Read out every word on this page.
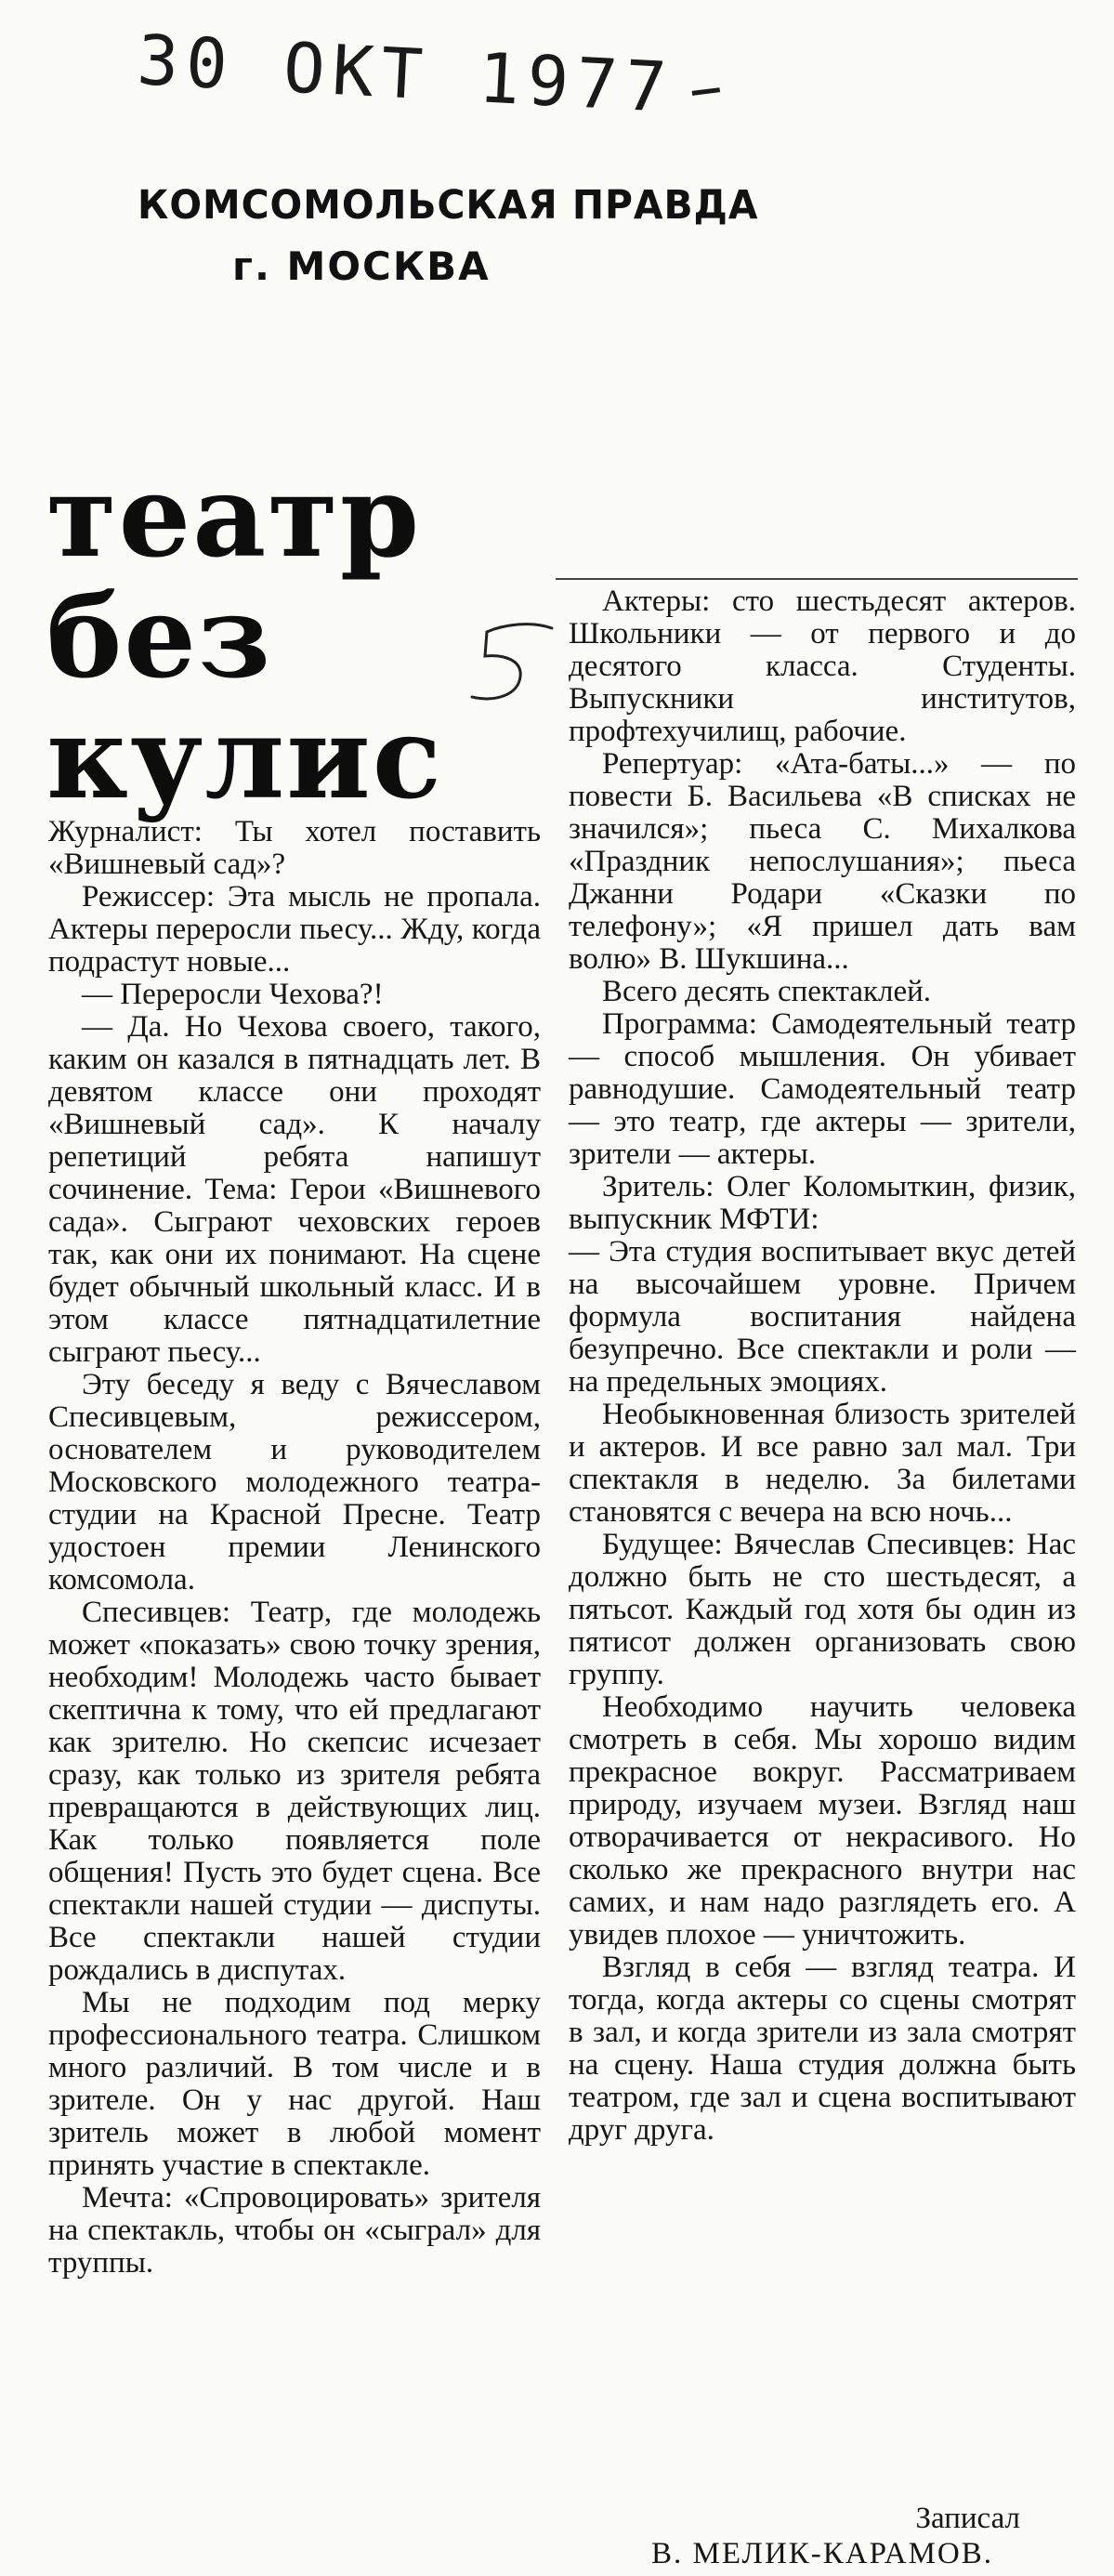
30 ОКТ 1977
КОМСОМОЛЬСКАЯ ПРАВДА
г. МОСКВА
театр
без
кулис

Журналист: Ты хотел поставить «Вишневый сад»?

Режиссер: Эта мысль не пропала. Актеры переросли пьесу... Жду, когда подрастут новые...

— Переросли Чехова?!

— Да. Но Чехова своего, такого, каким он казался в пятнадцать лет. В девятом классе они проходят «Вишневый сад». К началу репетиций ребята напишут сочинение. Тема: Герои «Вишневого сада». Сыграют чеховских героев так, как они их понимают. На сцене будет обычный школьный класс. И в этом классе пятнадцатилетние сыграют пьесу...

Эту беседу я веду с Вячеславом Спесивцевым, режиссером, основателем и руководителем Московского молодежного театра-студии на Красной Пресне. Театр удостоен премии Ленинского комсомола.

Спесивцев: Театр, где молодежь может «показать» свою точку зрения, необходим! Молодежь часто бывает скептична к тому, что ей предлагают как зрителю. Но скепсис исчезает сразу, как только из зрителя ребята превращаются в действующих лиц. Как только появляется поле общения! Пусть это будет сцена. Все спектакли нашей студии — диспуты. Все спектакли нашей студии рождались в диспутах.

Мы не подходим под мерку профессионального театра. Слишком много различий. В том числе и в зрителе. Он у нас другой. Наш зритель может в любой момент принять участие в спектакле.

Мечта: «Спровоцировать» зрителя на спектакль, чтобы он «сыграл» для труппы.

Актеры: сто шестьдесят актеров. Школьники — от первого и до десятого класса. Студенты. Выпускники институтов, профтехучилищ, рабочие.

Репертуар: «Ата-баты...» — по повести Б. Васильева «В списках не значился»; пьеса С. Михалкова «Праздник непослушания»; пьеса Джанни Родари «Сказки по телефону»; «Я пришел дать вам волю» В. Шукшина...

Всего десять спектаклей.

Программа: Самодеятельный театр — способ мышления. Он убивает равнодушие. Самодеятельный театр — это театр, где актеры — зрители, зрители — актеры.

Зритель: Олег Коломыткин, физик, выпускник МФТИ:

— Эта студия воспитывает вкус детей на высочайшем уровне. Причем формула воспитания найдена безупречно. Все спектакли и роли — на предельных эмоциях.

Необыкновенная близость зрителей и актеров. И все равно зал мал. Три спектакля в неделю. За билетами становятся с вечера на всю ночь...

Будущее: Вячеслав Спесивцев: Нас должно быть не сто шестьдесят, а пятьсот. Каждый год хотя бы один из пятисот должен организовать свою группу.

Необходимо научить человека смотреть в себя. Мы хорошо видим прекрасное вокруг. Рассматриваем природу, изучаем музеи. Взгляд наш отворачивается от некрасивого. Но сколько же прекрасного внутри нас самих, и нам надо разглядеть его. А увидев плохое — уничтожить.

Взгляд в себя — взгляд театра. И тогда, когда актеры со сцены смотрят в зал, и когда зрители из зала смотрят на сцену. Наша студия должна быть театром, где зал и сцена воспитывают друг друга.

Записал
В. МЕЛИК-КАРАМОВ.
